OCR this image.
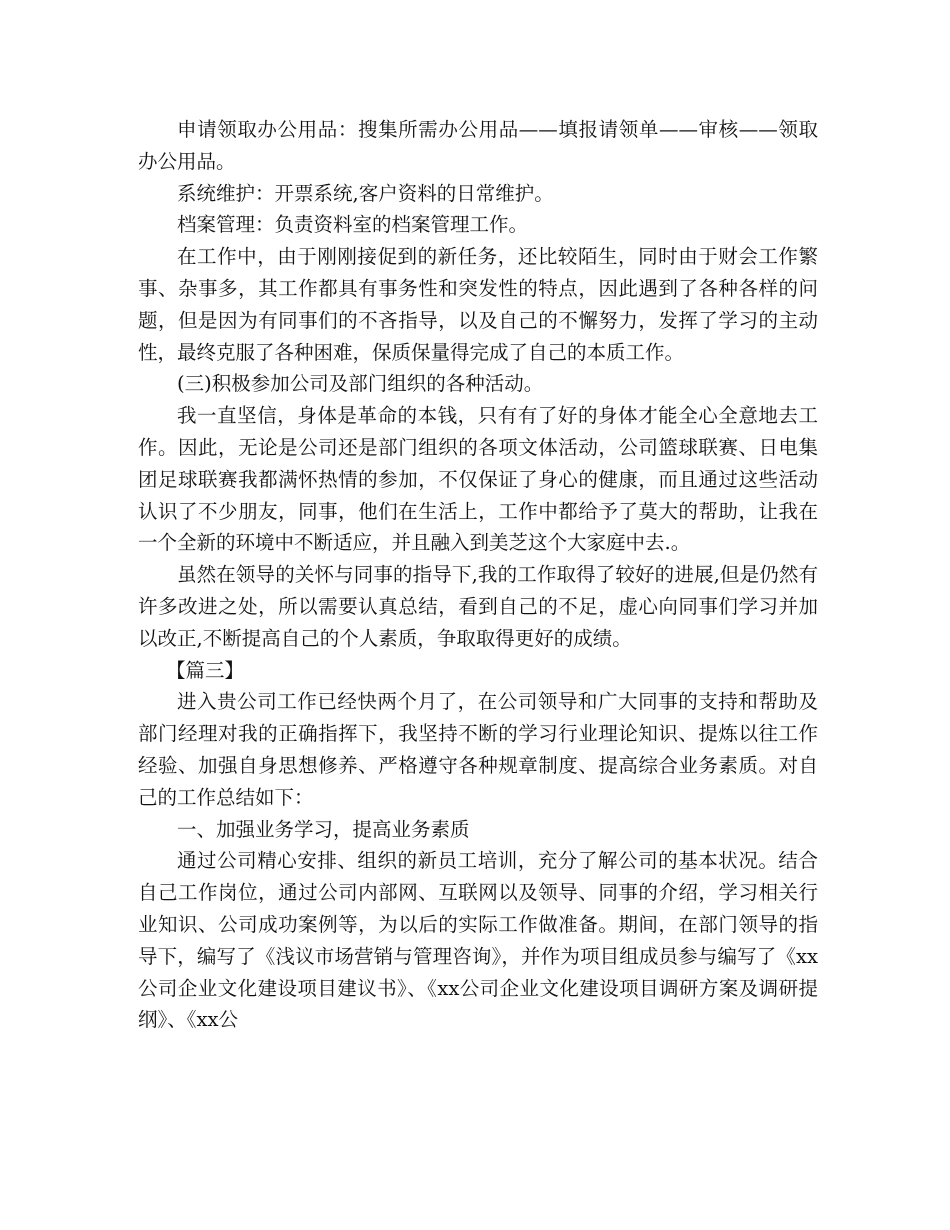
申请领取办公用品：搜集所需办公用品——填报请领单——审核——领取办公用品。

系统维护：开票系统,客户资料的日常维护。

档案管理：负责资料室的档案管理工作。

在工作中，由于刚刚接促到的新任务，还比较陌生，同时由于财会工作繁事、杂事多，其工作都具有事务性和突发性的特点，因此遇到了各种各样的问题，但是因为有同事们的不吝指导，以及自己的不懈努力，发挥了学习的主动性，最终克服了各种困难，保质保量得完成了自己的本质工作。

(三)积极参加公司及部门组织的各种活动。

我一直坚信，身体是革命的本钱，只有有了好的身体才能全心全意地去工作。因此，无论是公司还是部门组织的各项文体活动，公司篮球联赛、日电集团足球联赛我都满怀热情的参加，不仅保证了身心的健康，而且通过这些活动认识了不少朋友，同事，他们在生活上，工作中都给予了莫大的帮助，让我在一个全新的环境中不断适应，并且融入到美芝这个大家庭中去.。

虽然在领导的关怀与同事的指导下,我的工作取得了较好的进展,但是仍然有许多改进之处，所以需要认真总结，看到自己的不足，虚心向同事们学习并加以改正,不断提高自己的个人素质，争取取得更好的成绩。

【篇三】

进入贵公司工作已经快两个月了，在公司领导和广大同事的支持和帮助及部门经理对我的正确指挥下，我坚持不断的学习行业理论知识、提炼以往工作经验、加强自身思想修养、严格遵守各种规章制度、提高综合业务素质。对自己的工作总结如下：

一、加强业务学习，提高业务素质

通过公司精心安排、组织的新员工培训，充分了解公司的基本状况。结合自己工作岗位，通过公司内部网、互联网以及领导、同事的介绍，学习相关行业知识、公司成功案例等，为以后的实际工作做准备。期间，在部门领导的指导下，编写了《浅议市场营销与管理咨询》，并作为项目组成员参与编写了《xx公司企业文化建设项目建议书》、《xx公司企业文化建设项目调研方案及调研提纲》、《xx公
